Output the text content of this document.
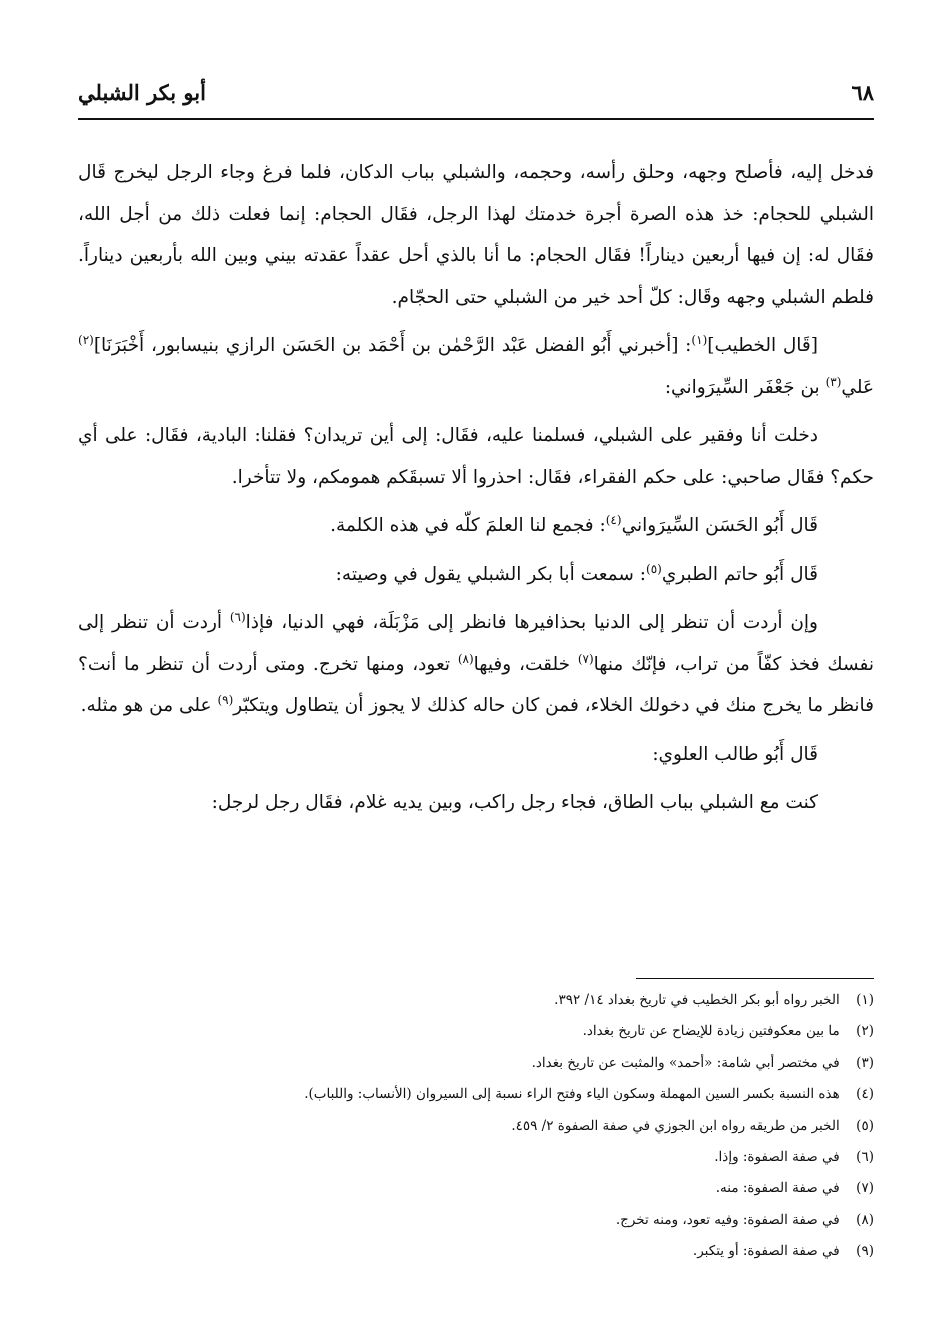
٦٨
أبو بكر الشبلي

فدخل إليه، فأصلح وجهه، وحلق رأسه، وحجمه، والشبلي بباب الدكان، فلما فرغ وجاء الرجل ليخرج قَال الشبلي للحجام: خذ هذه الصرة أجرة خدمتك لهذا الرجل، فقَال الحجام: إنما فعلت ذلك من أجل الله، فقَال له: إن فيها أربعين ديناراً! فقَال الحجام: ما أنا بالذي أحل عقداً عقدته بيني وبين الله بأربعين ديناراً. فلطم الشبلي وجهه وقَال: كلّ أحد خير من الشبلي حتى الحجّام.

[قَال الخطيب]$^{(١)}$: [أخبرني أَبُو الفضل عَبْد الرَّحْمٰن بن أَحْمَد بن الحَسَن الرازي بنيسابور، أَخْبَرَنَا]$^{(٢)}$ عَلي$^{(٣)}$ بن جَعْفَر السِّيرَواني:

دخلت أنا وفقير على الشبلي، فسلمنا عليه، فقَال: إلى أين تريدان؟ فقلنا: البادية، فقَال: على أي حكم؟ فقَال صاحبي: على حكم الفقراء، فقَال: احذروا ألا تسبقَكم همومكم، ولا تتأخرا.

قَال أَبُو الحَسَن السِّيرَواني$^{(٤)}$: فجمع لنا العلمَ كلّه في هذه الكلمة.

قَال أَبُو حاتم الطبري$^{(٥)}$: سمعت أبا بكر الشبلي يقول في وصيته:

وإن أردت أن تنظر إلى الدنيا بحذافيرها فانظر إلى مَزْبَلَة، فهي الدنيا، فإذا$^{(٦)}$ أردت أن تنظر إلى نفسك فخذ كفّاً من تراب، فإنّك منها$^{(٧)}$ خلقت، وفيها$^{(٨)}$ تعود، ومنها تخرج. ومتى أردت أن تنظر ما أنت؟ فانظر ما يخرج منك في دخولك الخلاء، فمن كان حاله كذلك لا يجوز أن يتطاول ويتكبّر$^{(٩)}$ على من هو مثله.

قَال أَبُو طالب العلوي:

كنت مع الشبلي بباب الطاق، فجاء رجل راكب، وبين يديه غلام، فقَال رجل لرجل:

(١) الخبر رواه أبو بكر الخطيب في تاريخ بغداد ١٤/ ٣٩٢.
(٢) ما بين معكوفتين زيادة للإيضاح عن تاريخ بغداد.
(٣) في مختصر أبي شامة: «أحمد» والمثبت عن تاريخ بغداد.
(٤) هذه النسبة بكسر السين المهملة وسكون الياء وفتح الراء نسبة إلى السيروان (الأنساب: واللباب).
(٥) الخبر من طريقه رواه ابن الجوزي في صفة الصفوة ٢/ ٤٥٩.
(٦) في صفة الصفوة: وإذا.
(٧) في صفة الصفوة: منه.
(٨) في صفة الصفوة: وفيه تعود، ومنه تخرج.
(٩) في صفة الصفوة: أو يتكبر.
